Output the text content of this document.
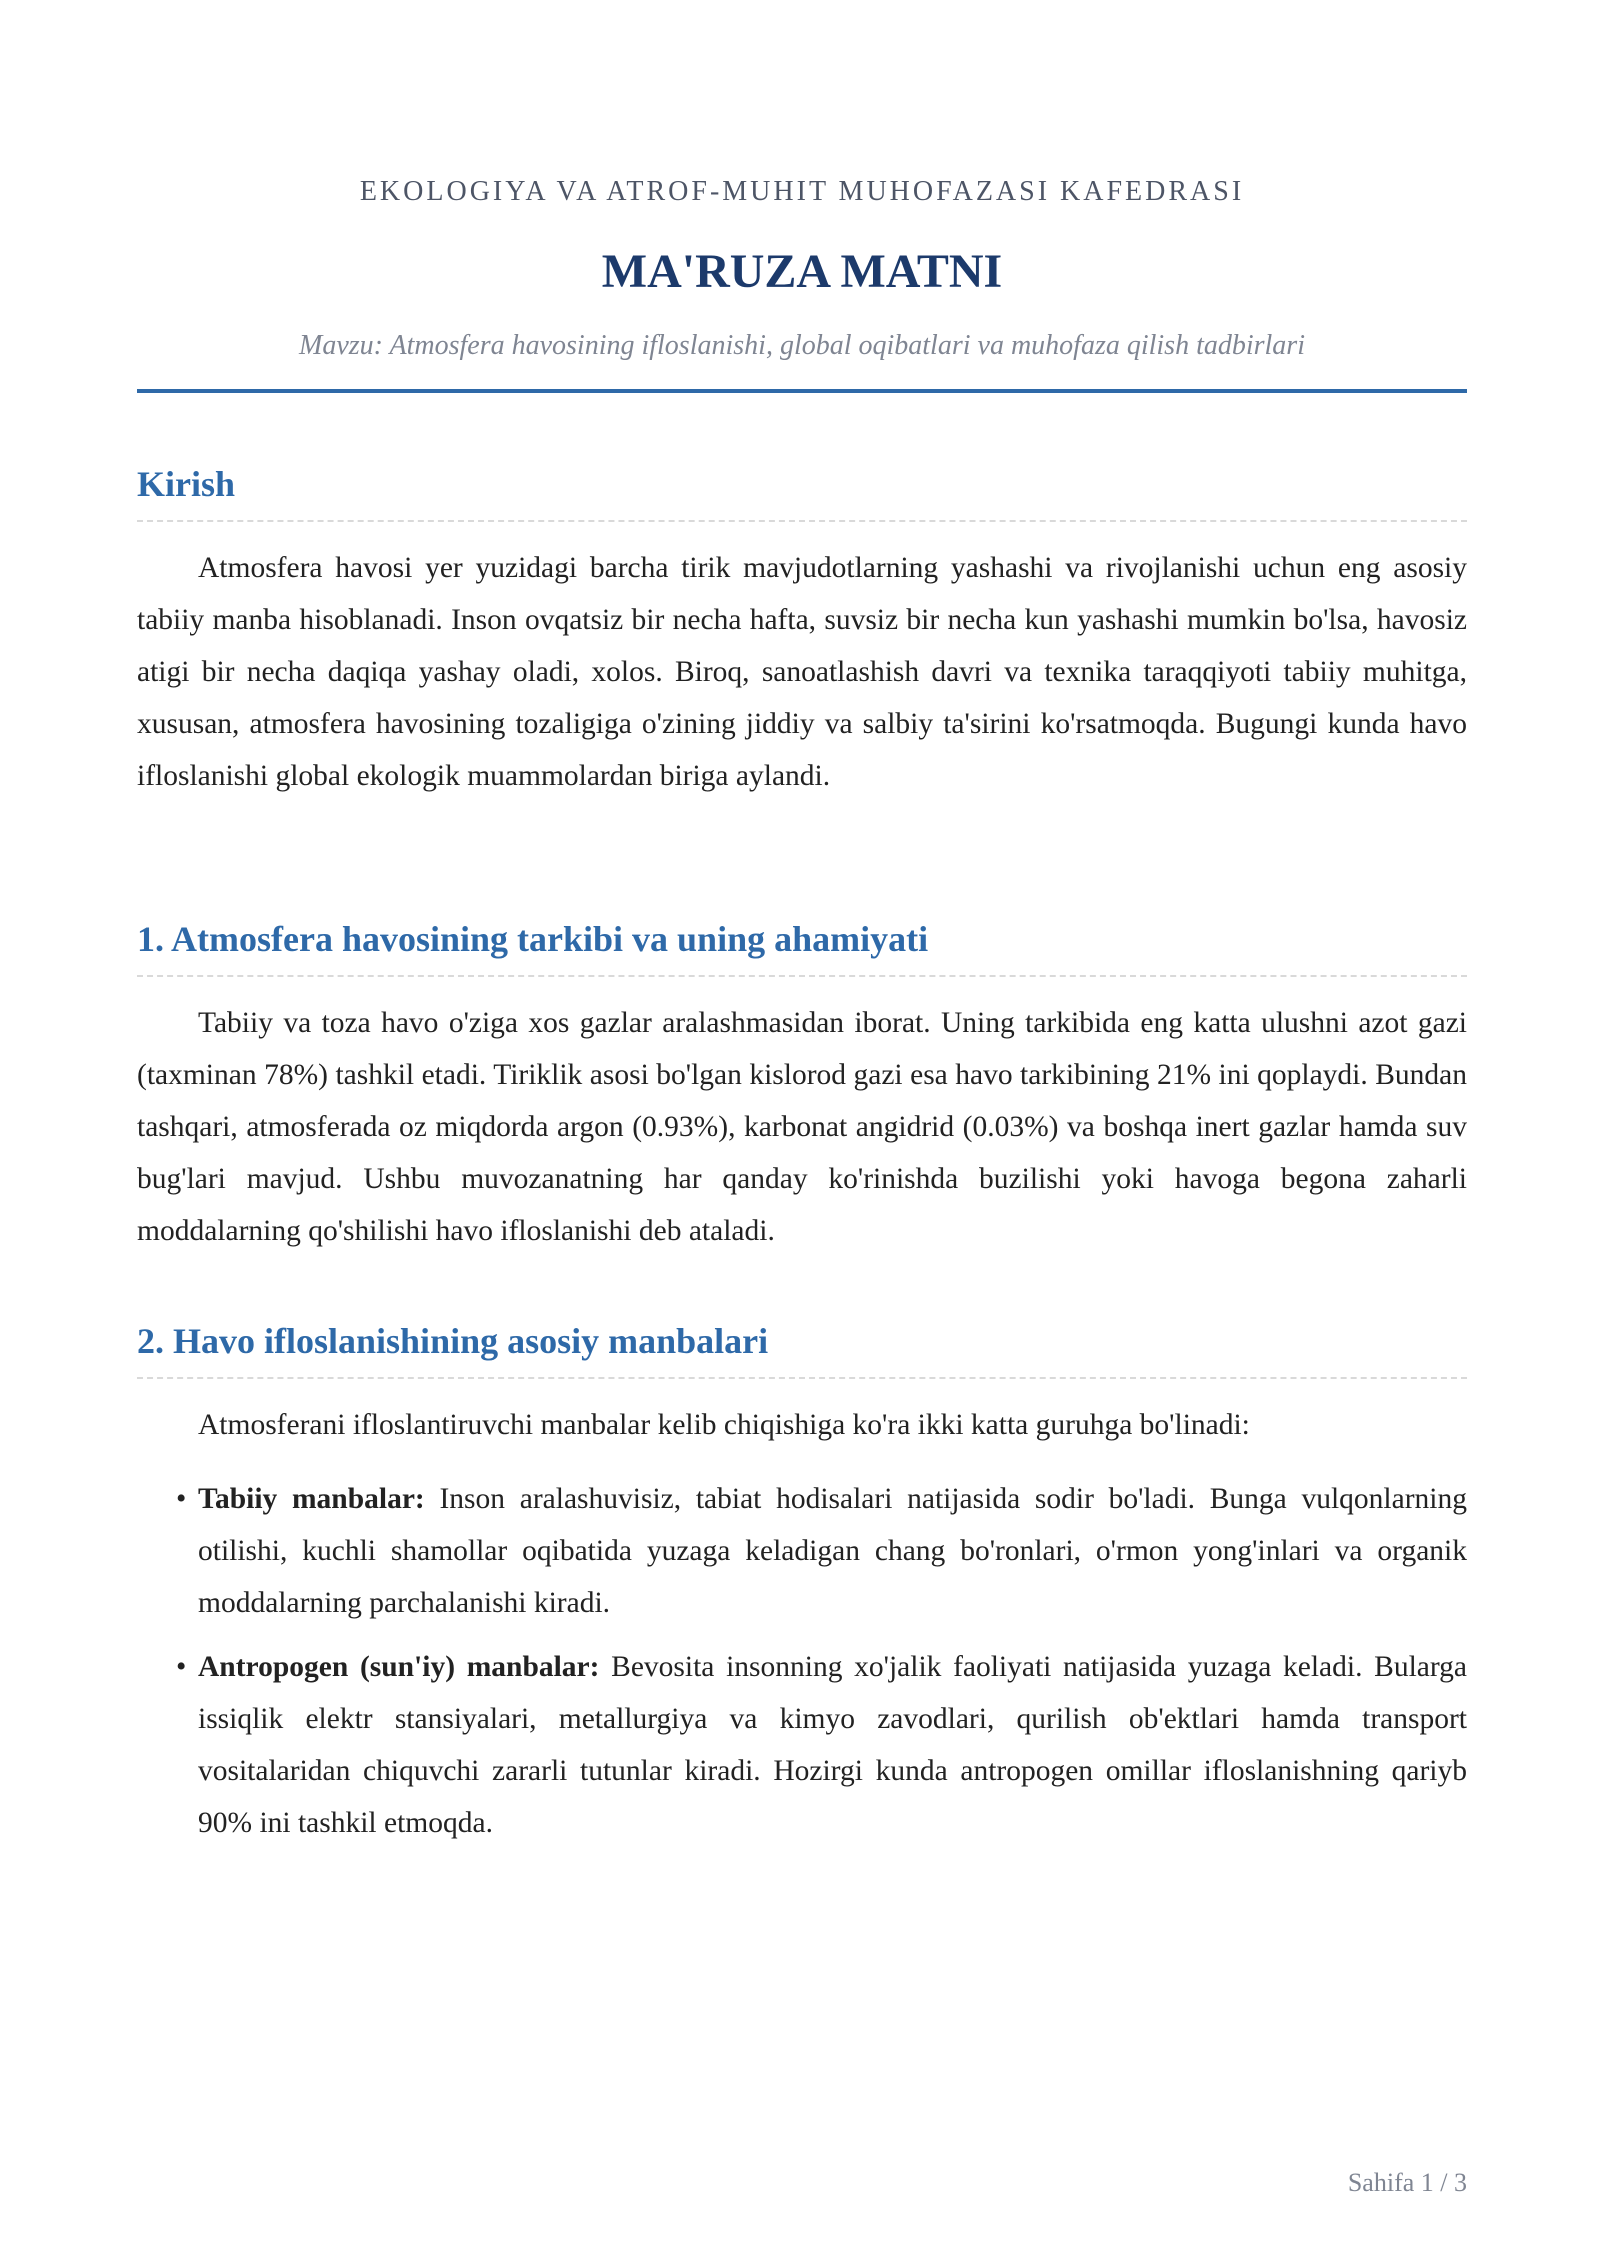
EKOLOGIYA VA ATROF-MUHIT MUHOFAZASI KAFEDRASI
MA'RUZA MATNI
Mavzu: Atmosfera havosining ifloslanishi, global oqibatlari va muhofaza qilish tadbirlari
Kirish

Atmosfera havosi yer yuzidagi barcha tirik mavjudotlarning yashashi va rivojlanishi uchun eng asosiy tabiiy manba hisoblanadi. Inson ovqatsiz bir necha hafta, suvsiz bir necha kun yashashi mumkin bo'lsa, havosiz atigi bir necha daqiqa yashay oladi, xolos. Biroq, sanoatlashish davri va texnika taraqqiyoti tabiiy muhitga, xususan, atmosfera havosining tozaligiga o'zining jiddiy va salbiy ta'sirini ko'rsatmoqda. Bugungi kunda havo ifloslanishi global ekologik muammolardan biriga aylandi.

1. Atmosfera havosining tarkibi va uning ahamiyati

Tabiiy va toza havo o'ziga xos gazlar aralashmasidan iborat. Uning tarkibida eng katta ulushni azot gazi (taxminan 78%) tashkil etadi. Tiriklik asosi bo'lgan kislorod gazi esa havo tarkibining 21% ini qoplaydi. Bundan tashqari, atmosferada oz miqdorda argon (0.93%), karbonat angidrid (0.03%) va boshqa inert gazlar hamda suv bug'lari mavjud. Ushbu muvozanatning har qanday ko'rinishda buzilishi yoki havoga begona zaharli moddalarning qo'shilishi havo ifloslanishi deb ataladi.

2. Havo ifloslanishining asosiy manbalari

Atmosferani ifloslantiruvchi manbalar kelib chiqishiga ko'ra ikki katta guruhga bo'linadi:

• Tabiiy manbalar: Inson aralashuvisiz, tabiat hodisalari natijasida sodir bo'ladi. Bunga vulqonlarning otilishi, kuchli shamollar oqibatida yuzaga keladigan chang bo'ronlari, o'rmon yong'inlari va organik moddalarning parchalanishi kiradi.
• Antropogen (sun'iy) manbalar: Bevosita insonning xo'jalik faoliyati natijasida yuzaga keladi. Bularga issiqlik elektr stansiyalari, metallurgiya va kimyo zavodlari, qurilish ob'ektlari hamda transport vositalaridan chiquvchi zararli tutunlar kiradi. Hozirgi kunda antropogen omillar ifloslanishning qariyb 90% ini tashkil etmoqda.
Sahifa 1 / 3
